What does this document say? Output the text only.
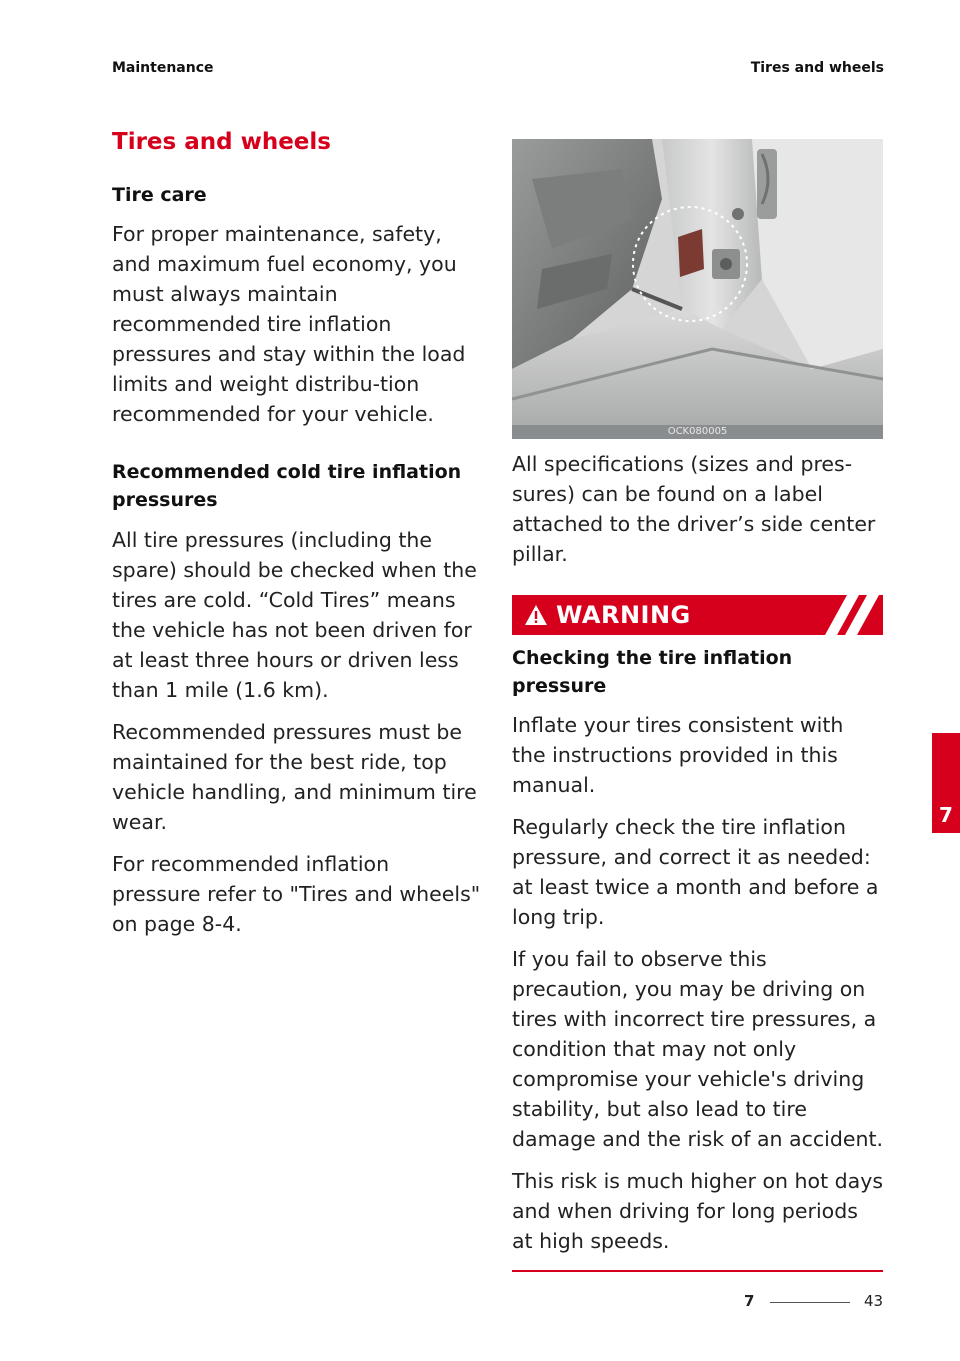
Maintenance	Tires and wheels
Tires and wheels
Tire care

For proper maintenance, safety, and maximum fuel economy, you must always maintain recommended tire inflation pressures and stay within the load limits and weight distribu-tion recommended for your vehicle.

Recommended cold tire inflation pressures

All tire pressures (including the spare) should be checked when the tires are cold. “Cold Tires” means the vehicle has not been driven for at least three hours or driven less than 1 mile (1.6 km).

Recommended pressures must be maintained for the best ride, top vehicle handling, and minimum tire wear.

For recommended inflation pressure refer to "Tires and wheels" on page 8-4.

OCK080005

All specifications (sizes and pres-sures) can be found on a label attached to the driver’s side center pillar.

WARNING
Checking the tire inflation pressure

Inflate your tires consistent with the instructions provided in this manual.

Regularly check the tire inflation pressure, and correct it as needed: at least twice a month and before a long trip.

If you fail to observe this precaution, you may be driving on tires with incorrect tire pressures, a condition that may not only compromise your vehicle's driving stability, but also lead to tire damage and the risk of an accident.

This risk is much higher on hot days and when driving for long periods at high speeds.

7
7	43
